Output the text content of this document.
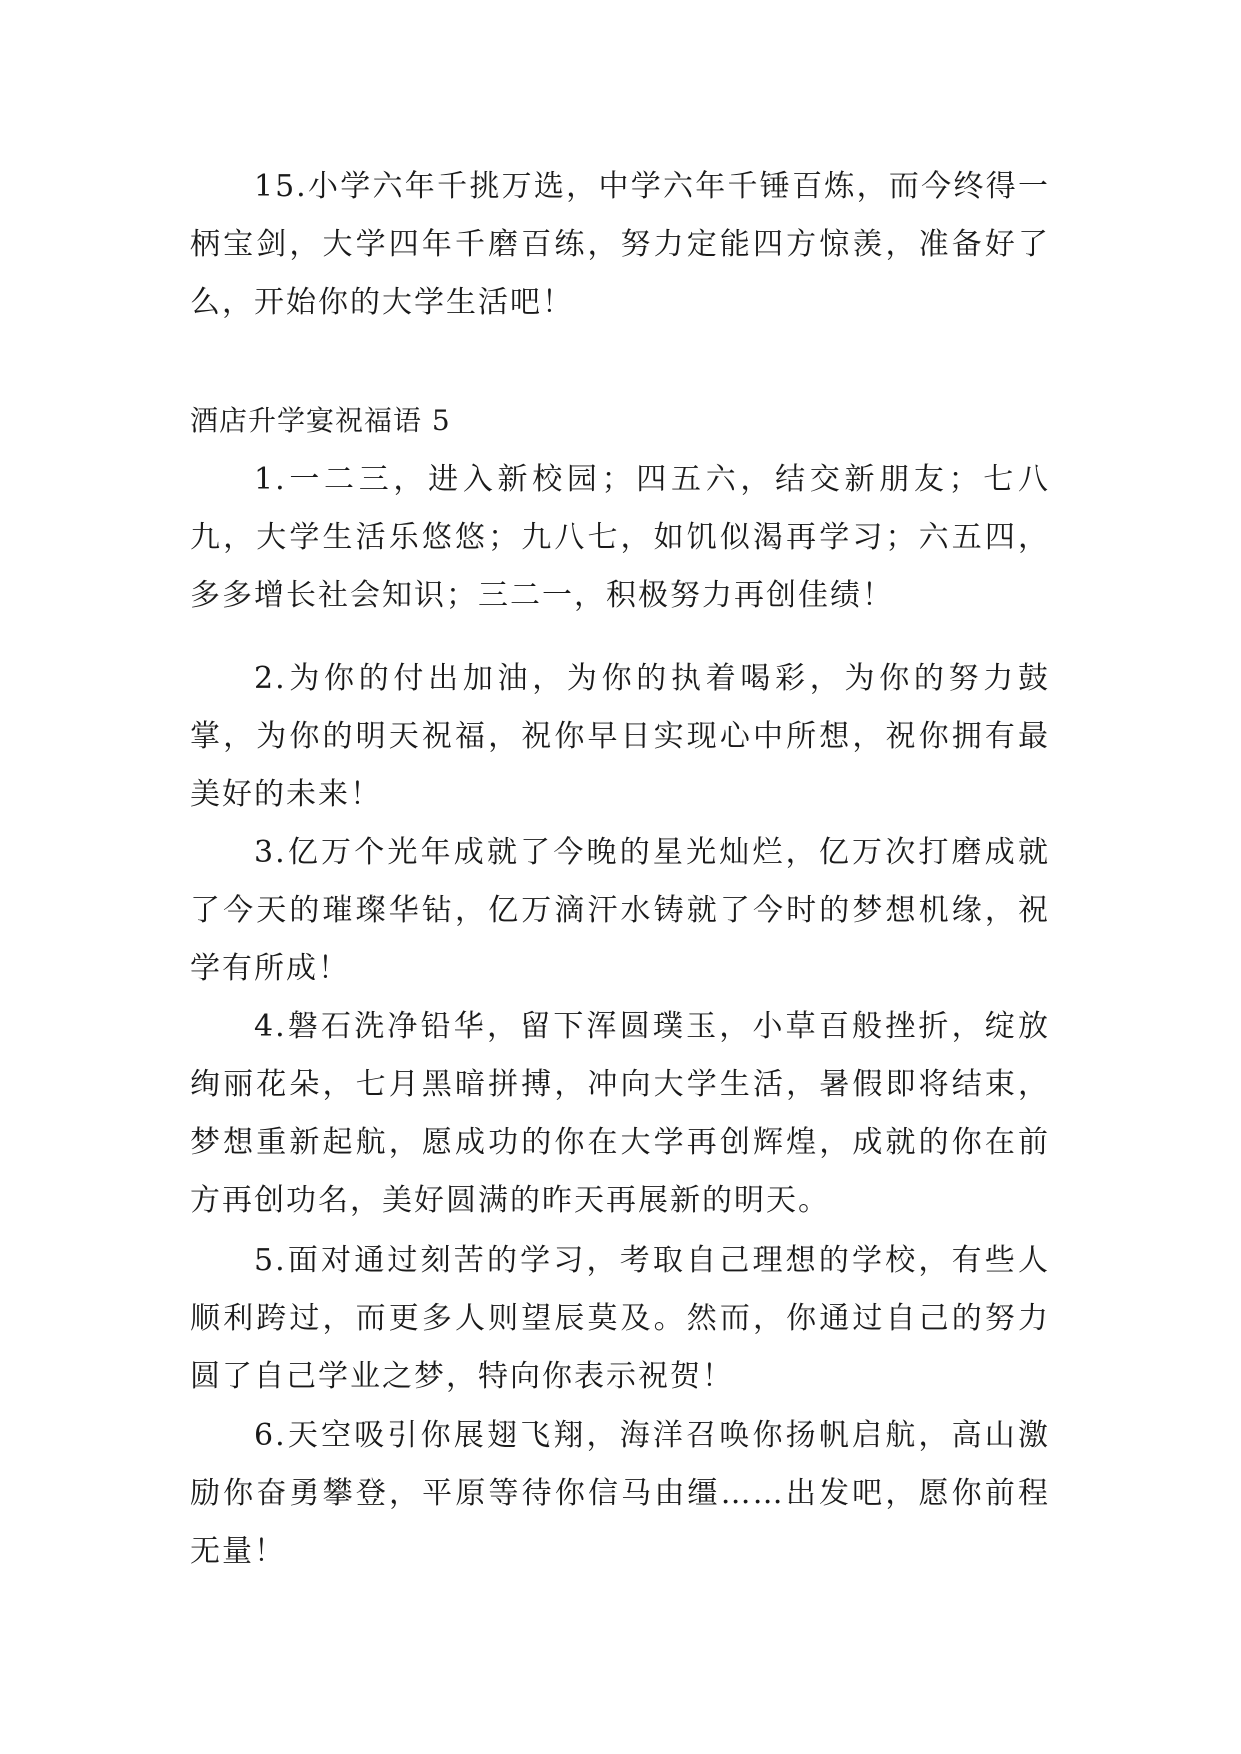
15.小学六年千挑万选，中学六年千锤百炼，而今终得一柄宝剑，大学四年千磨百练，努力定能四方惊羡，准备好了么，开始你的大学生活吧！

酒店升学宴祝福语 5

1.一二三，进入新校园；四五六，结交新朋友；七八九，大学生活乐悠悠；九八七，如饥似渴再学习；六五四，多多增长社会知识；三二一，积极努力再创佳绩！

2.为你的付出加油，为你的执着喝彩，为你的努力鼓掌，为你的明天祝福，祝你早日实现心中所想，祝你拥有最美好的未来！

3.亿万个光年成就了今晚的星光灿烂，亿万次打磨成就了今天的璀璨华钻，亿万滴汗水铸就了今时的梦想机缘，祝学有所成！

4.磐石洗净铅华，留下浑圆璞玉，小草百般挫折，绽放绚丽花朵，七月黑暗拼搏，冲向大学生活，暑假即将结束，梦想重新起航，愿成功的你在大学再创辉煌，成就的你在前方再创功名，美好圆满的昨天再展新的明天。

5.面对通过刻苦的学习，考取自己理想的学校，有些人顺利跨过，而更多人则望辰莫及。然而，你通过自己的努力圆了自己学业之梦，特向你表示祝贺！

6.天空吸引你展翅飞翔，海洋召唤你扬帆启航，高山激励你奋勇攀登，平原等待你信马由缰……出发吧，愿你前程无量！
